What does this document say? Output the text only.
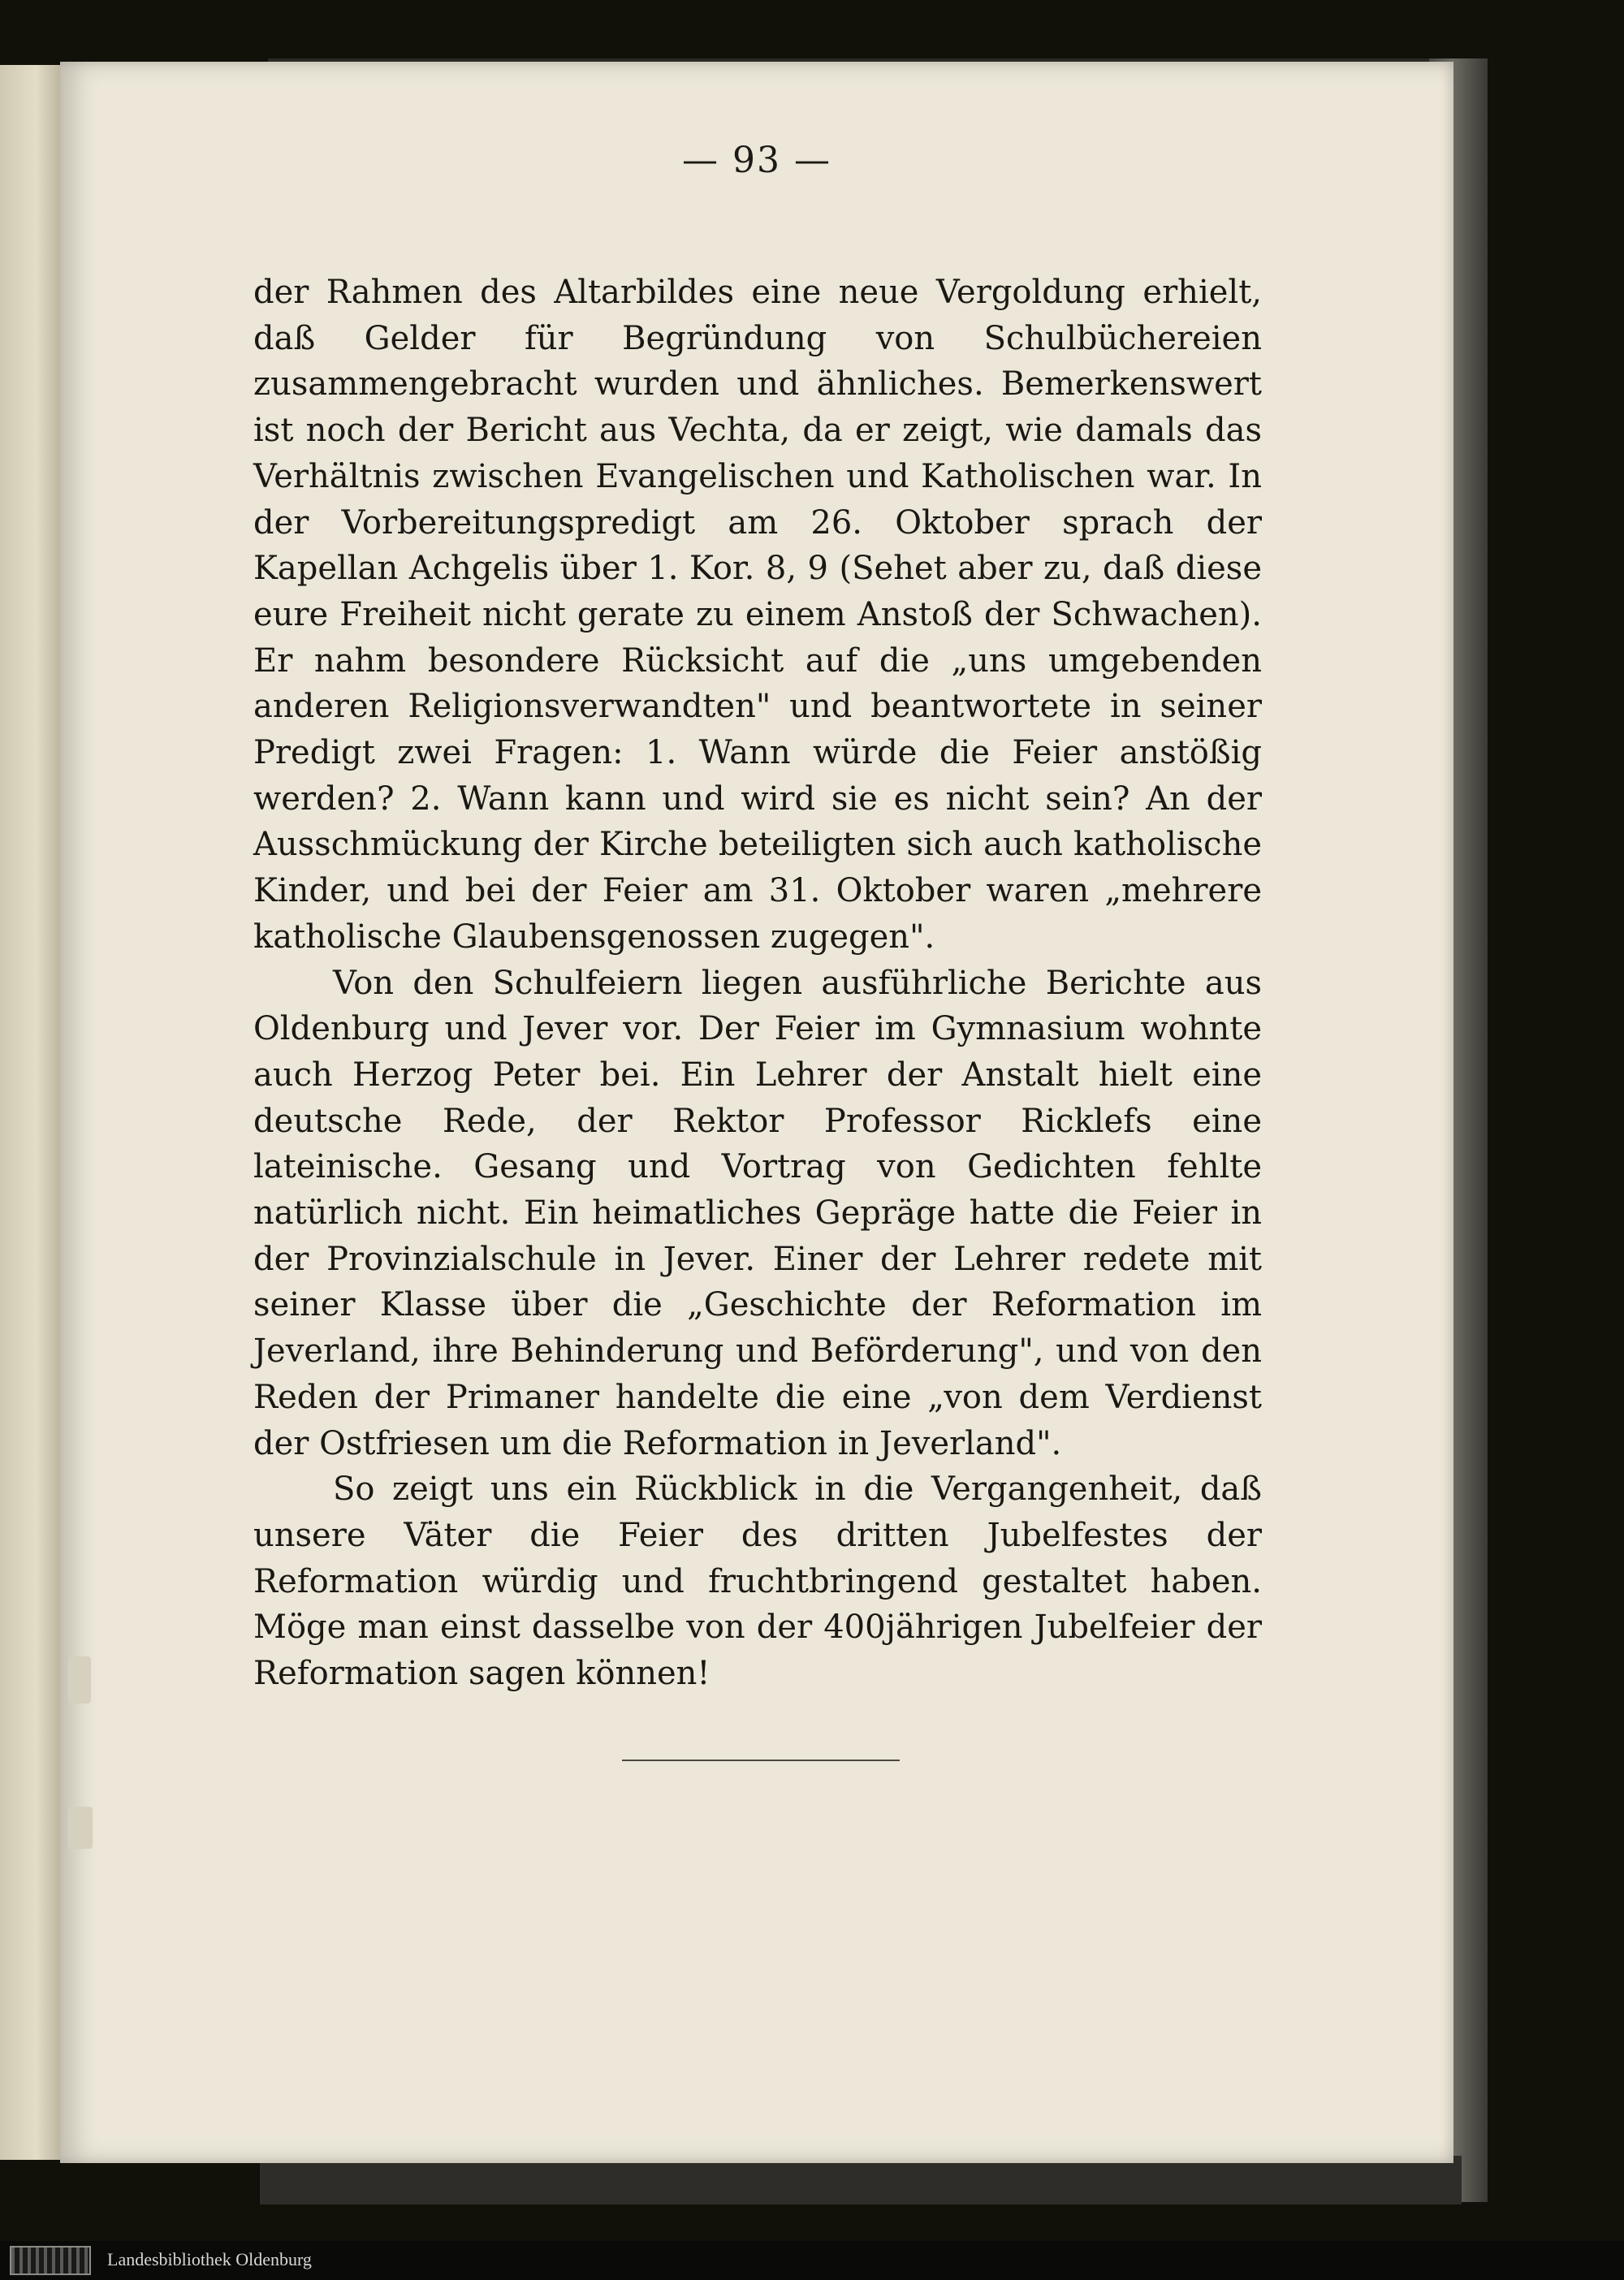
— 93 —

der Rahmen des Altarbildes eine neue Vergoldung erhielt, daß Gelder für Begründung von Schulbüchereien zusammengebracht wurden und ähnliches. Bemerkenswert ist noch der Bericht aus Vechta, da er zeigt, wie damals das Verhältnis zwischen Evangelischen und Katholischen war. In der Vorbereitungspredigt am 26. Oktober sprach der Kapellan Achgelis über 1. Kor. 8, 9 (Sehet aber zu, daß diese eure Freiheit nicht gerate zu einem Anstoß der Schwachen). Er nahm besondere Rücksicht auf die „uns umgebenden anderen Religionsverwandten" und beantwortete in seiner Predigt zwei Fragen: 1. Wann würde die Feier anstößig werden? 2. Wann kann und wird sie es nicht sein? An der Ausschmückung der Kirche beteiligten sich auch katholische Kinder, und bei der Feier am 31. Oktober waren „mehrere katholische Glaubensgenossen zugegen".

Von den Schulfeiern liegen ausführliche Berichte aus Oldenburg und Jever vor. Der Feier im Gymnasium wohnte auch Herzog Peter bei. Ein Lehrer der Anstalt hielt eine deutsche Rede, der Rektor Professor Ricklefs eine lateinische. Gesang und Vortrag von Gedichten fehlte natürlich nicht. Ein heimatliches Gepräge hatte die Feier in der Provinzialschule in Jever. Einer der Lehrer redete mit seiner Klasse über die „Geschichte der Reformation im Jeverland, ihre Behinderung und Beförderung", und von den Reden der Primaner handelte die eine „von dem Verdienst der Ostfriesen um die Reformation in Jeverland".

So zeigt uns ein Rückblick in die Vergangenheit, daß unsere Väter die Feier des dritten Jubelfestes der Reformation würdig und fruchtbringend gestaltet haben. Möge man einst dasselbe von der 400jährigen Jubelfeier der Reformation sagen können!

Landesbibliothek Oldenburg
